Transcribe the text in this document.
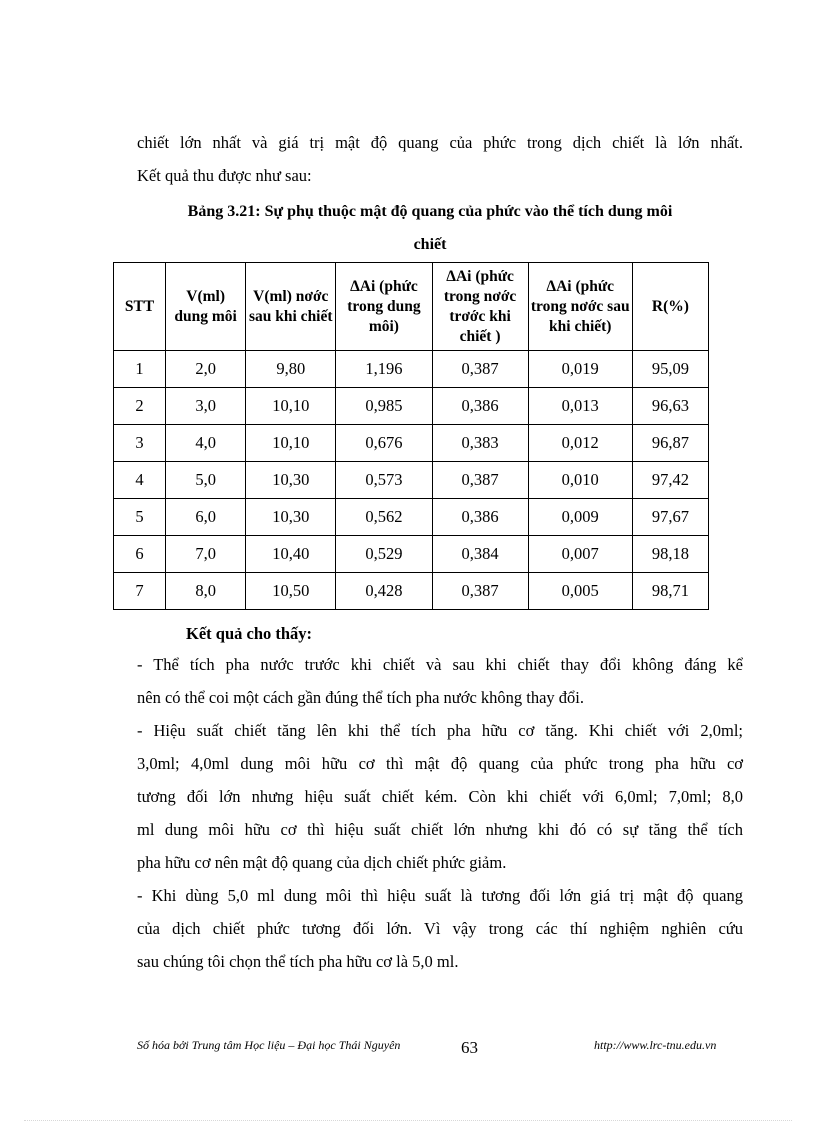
chiết lớn nhất và giá trị mật độ quang của phức trong dịch chiết là lớn nhất.
Kết quả thu được như sau:
Bảng 3.21: Sự phụ thuộc mật độ quang của phức vào thể tích dung môi
chiết
STT	V(ml) dung môi	V(ml) nơớc sau khi chiết	ΔAi (phức trong dung môi)	ΔAi (phức trong nơớc trơớc khi chiết )	ΔAi (phức trong nơớc sau khi chiết)	R(%)
1	2,0	9,80	1,196	0,387	0,019	95,09
2	3,0	10,10	0,985	0,386	0,013	96,63
3	4,0	10,10	0,676	0,383	0,012	96,87
4	5,0	10,30	0,573	0,387	0,010	97,42
5	6,0	10,30	0,562	0,386	0,009	97,67
6	7,0	10,40	0,529	0,384	0,007	98,18
7	8,0	10,50	0,428	0,387	0,005	98,71
Kết quả cho thấy:
- Thể tích pha nước trước khi chiết và sau khi chiết thay đổi không đáng kể
nên có thể coi một cách gần đúng thể tích pha nước không thay đổi.
- Hiệu suất chiết tăng lên khi thể tích pha hữu cơ tăng. Khi chiết với 2,0ml;
3,0ml; 4,0ml dung môi hữu cơ thì mật độ quang của phức trong pha hữu cơ
tương đối lớn nhưng hiệu suất chiết kém. Còn khi chiết với 6,0ml; 7,0ml; 8,0
ml dung môi hữu cơ thì hiệu suất chiết lớn nhưng khi đó có sự tăng thể tích
pha hữu cơ nên mật độ quang của dịch chiết phức giảm.
- Khi dùng 5,0 ml dung môi thì hiệu suất là tương đối lớn giá trị mật độ quang
của dịch chiết phức tương đối lớn. Vì vậy trong các thí nghiệm nghiên cứu
sau chúng tôi chọn thể tích pha hữu cơ là 5,0 ml.
Số hóa bởi Trung tâm Học liệu – Đại học Thái Nguyên	63	http://www.lrc-tnu.edu.vn
